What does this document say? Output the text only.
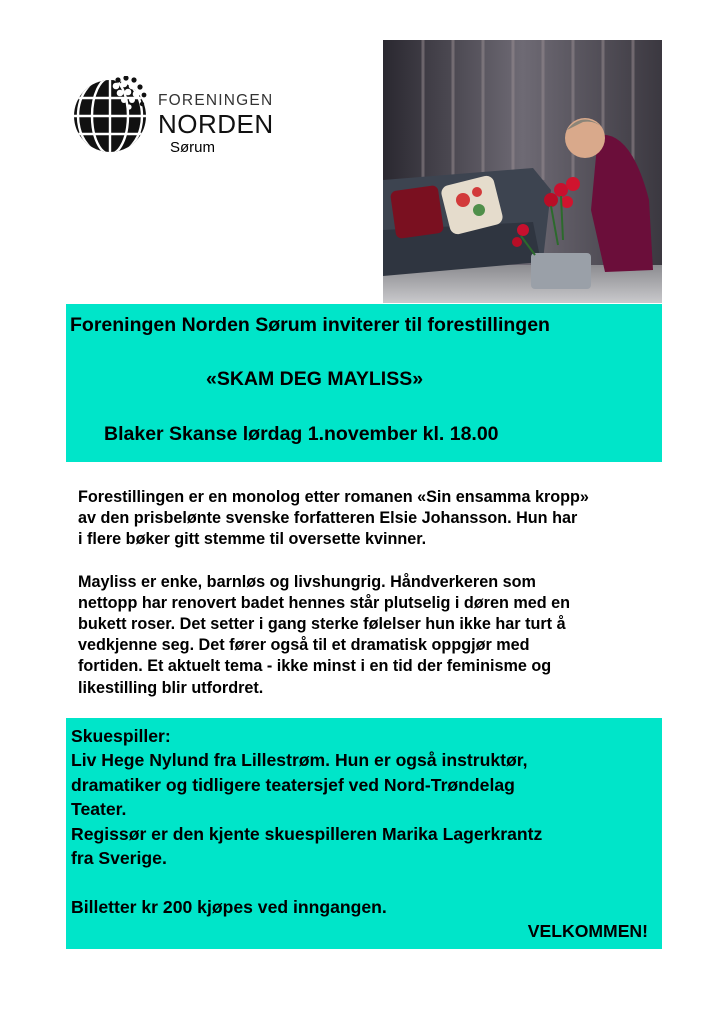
FORENINGEN
NORDEN
Sørum
Foreningen Norden Sørum inviterer til forestillingen
«SKAM DEG MAYLISS»
Blaker Skanse lørdag 1.november kl. 18.00

Forestillingen er en monolog etter romanen «Sin ensamma kropp»
av den prisbelønte svenske forfatteren Elsie Johansson. Hun har
i flere bøker gitt stemme til oversette kvinner.

Mayliss er enke, barnløs og livshungrig. Håndverkeren som
nettopp har renovert badet hennes står plutselig i døren med en
bukett roser. Det setter i gang sterke følelser hun ikke har turt å
vedkjenne seg. Det fører også til et dramatisk oppgjør med
fortiden. Et aktuelt tema - ikke minst i en tid der feminisme og
likestilling blir utfordret.

Skuespiller:
Liv Hege Nylund fra Lillestrøm. Hun er også instruktør,
dramatiker og tidligere teatersjef ved Nord-Trøndelag
Teater.
Regissør er den kjente skuespilleren Marika Lagerkrantz
fra Sverige.

Billetter kr 200 kjøpes ved inngangen.
VELKOMMEN!
